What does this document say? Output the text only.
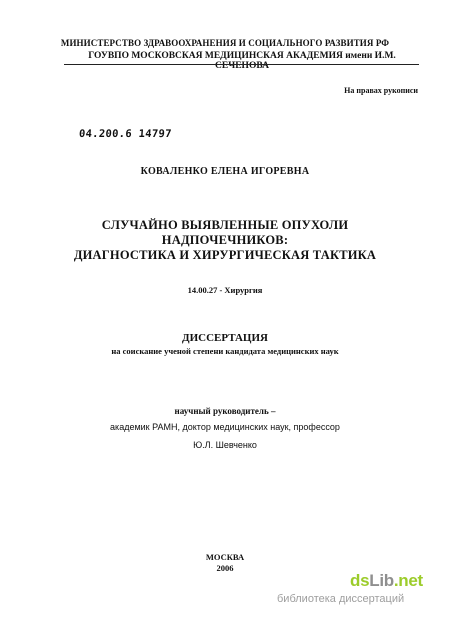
МИНИСТЕРСТВО ЗДРАВООХРАНЕНИЯ И СОЦИАЛЬНОГО РАЗВИТИЯ РФ
ГОУВПО МОСКОВСКАЯ МЕДИЦИНСКАЯ АКАДЕМИЯ имени И.М. СЕЧЕНОВА
На правах рукописи
04.200.6 14797
КОВАЛЕНКО ЕЛЕНА ИГОРЕВНА
СЛУЧАЙНО ВЫЯВЛЕННЫЕ ОПУХОЛИ
НАДПОЧЕЧНИКОВ:
ДИАГНОСТИКА И ХИРУРГИЧЕСКАЯ ТАКТИКА
14.00.27 - Хирургия
ДИССЕРТАЦИЯ
на соискание ученой степени кандидата медицинских наук
научный руководитель –
академик РАМН, доктор медицинских наук, профессор
Ю.Л. Шевченко
МОСКВА
2006
dsLib.net
библиотека диссертаций
